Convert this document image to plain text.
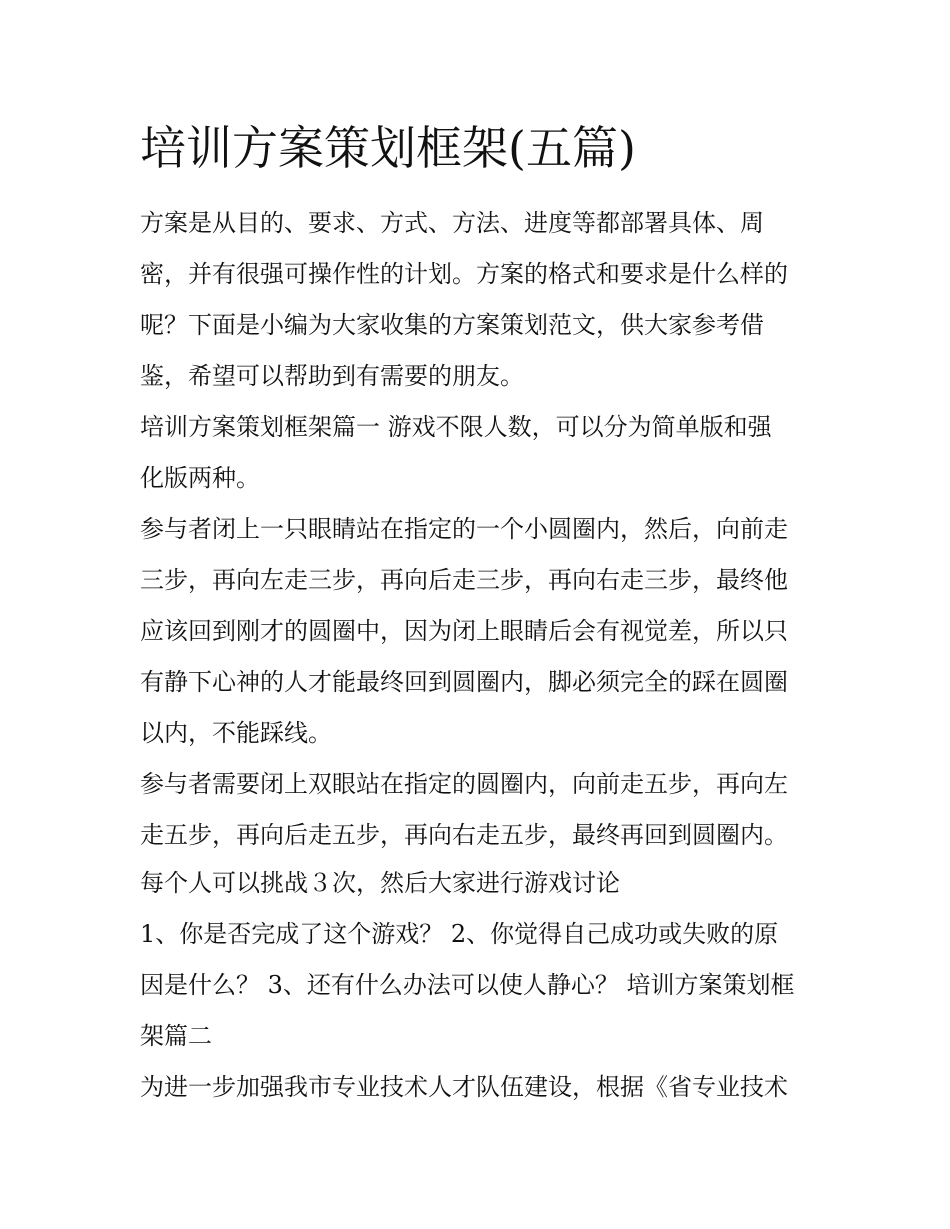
培训方案策划框架(五篇)

方案是从目的、要求、方式、方法、进度等都部署具体、周

密，并有很强可操作性的计划。方案的格式和要求是什么样的

呢？下面是小编为大家收集的方案策划范文，供大家参考借

鉴，希望可以帮助到有需要的朋友。

培训方案策划框架篇一 游戏不限人数，可以分为简单版和强

化版两种。

参与者闭上一只眼睛站在指定的一个小圆圈内，然后，向前走

三步，再向左走三步，再向后走三步，再向右走三步，最终他

应该回到刚才的圆圈中，因为闭上眼睛后会有视觉差，所以只

有静下心神的人才能最终回到圆圈内，脚必须完全的踩在圆圈

以内，不能踩线。

参与者需要闭上双眼站在指定的圆圈内，向前走五步，再向左

走五步，再向后走五步，再向右走五步，最终再回到圆圈内。

每个人可以挑战３次，然后大家进行游戏讨论

1、你是否完成了这个游戏？ 2、你觉得自己成功或失败的原

因是什么？ 3、还有什么办法可以使人静心？ 培训方案策划框

架篇二

为进一步加强我市专业技术人才队伍建设，根据《省专业技术
